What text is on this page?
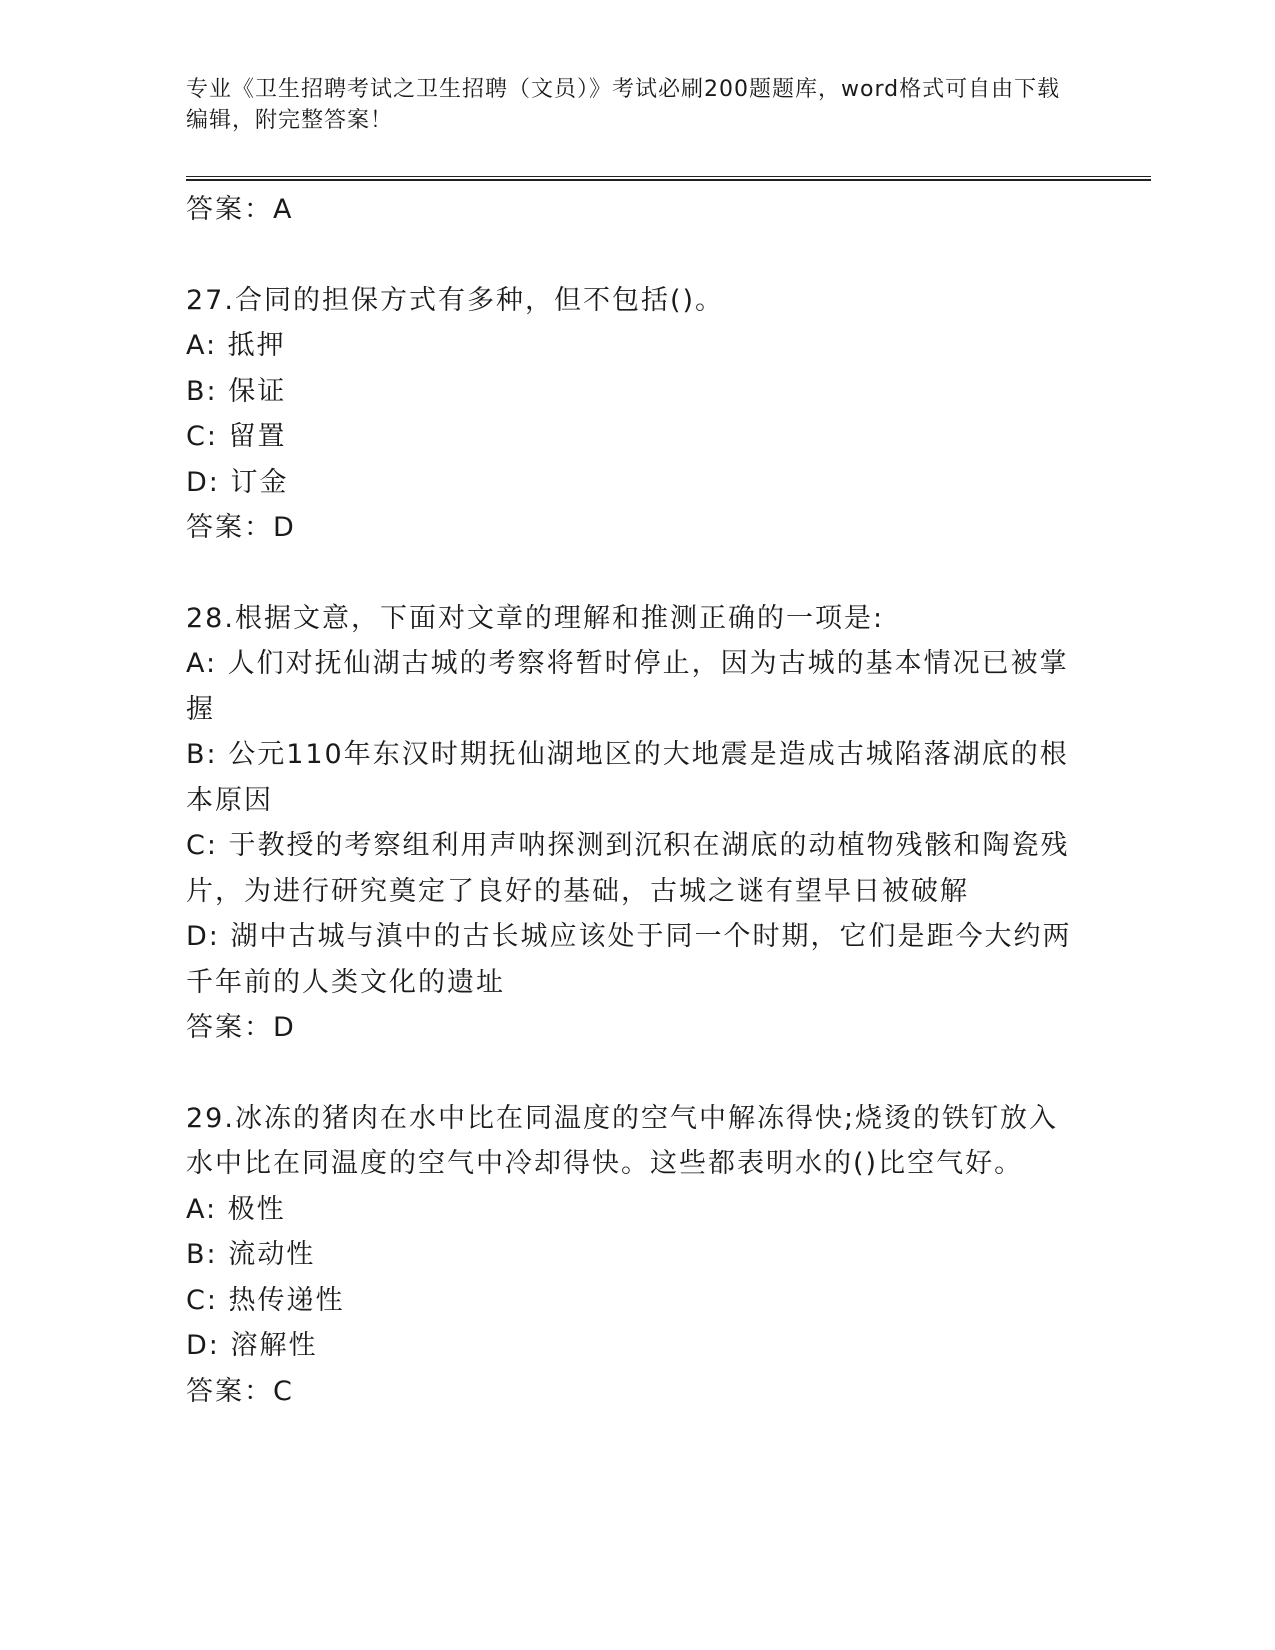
专业《卫生招聘考试之卫生招聘（文员）》考试必刷200题题库，word格式可自由下载编辑，附完整答案！

答案：A

27.合同的担保方式有多种，但不包括()。

A: 抵押

B: 保证

C: 留置

D: 订金

答案：D

28.根据文意，下面对文章的理解和推测正确的一项是:

A: 人们对抚仙湖古城的考察将暂时停止，因为古城的基本情况已被掌握

B: 公元110年东汉时期抚仙湖地区的大地震是造成古城陷落湖底的根本原因

C: 于教授的考察组利用声呐探测到沉积在湖底的动植物残骸和陶瓷残片，为进行研究奠定了良好的基础，古城之谜有望早日被破解

D: 湖中古城与滇中的古长城应该处于同一个时期，它们是距今大约两千年前的人类文化的遗址

答案：D

29.冰冻的猪肉在水中比在同温度的空气中解冻得快;烧烫的铁钉放入水中比在同温度的空气中冷却得快。这些都表明水的()比空气好。

A: 极性

B: 流动性

C: 热传递性

D: 溶解性

答案：C
